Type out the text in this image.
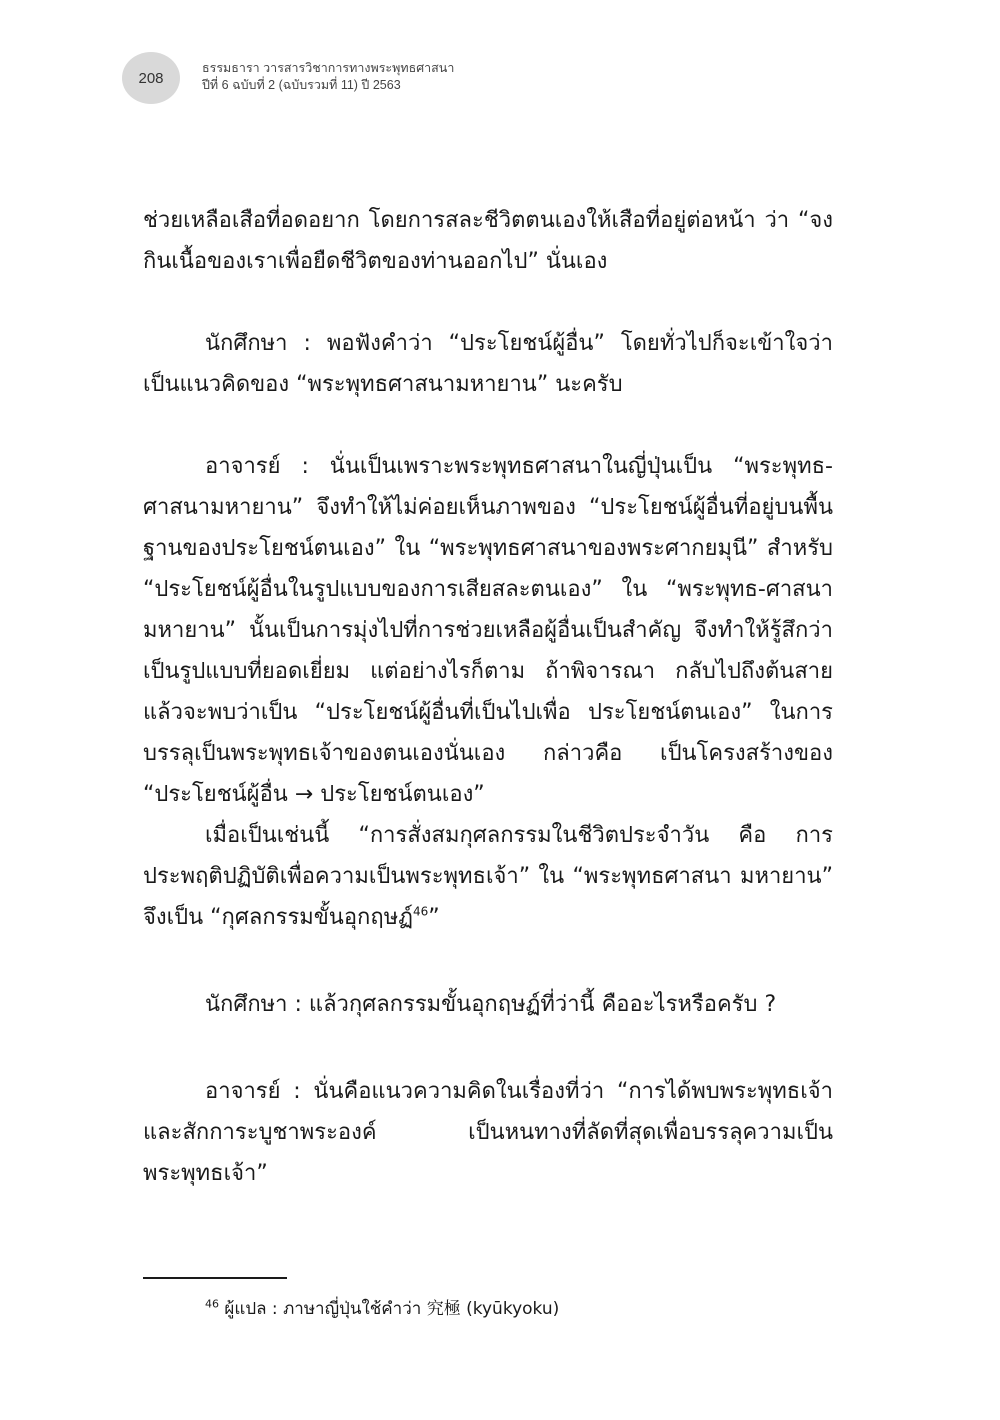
208
ธรรมธารา วารสารวิชาการทางพระพุทธศาสนา
ปีที่ 6 ฉบับที่ 2 (ฉบับรวมที่ 11) ปี 2563

ช่วยเหลือเสือที่อดอยาก โดยการสละชีวิตตนเองให้เสือที่อยู่ต่อหน้า ว่า “จงกินเนื้อของเราเพื่อยืดชีวิตของท่านออกไป” นั่นเอง

นักศึกษา : พอฟังคำว่า “ประโยชน์ผู้อื่น” โดยทั่วไปก็จะเข้าใจว่า เป็นแนวคิดของ “พระพุทธศาสนามหายาน” นะครับ

อาจารย์ : นั่นเป็นเพราะพระพุทธศาสนาในญี่ปุ่นเป็น “พระพุทธ-ศาสนามหายาน” จึงทำให้ไม่ค่อยเห็นภาพของ “ประโยชน์ผู้อื่นที่อยู่บนพื้นฐานของประโยชน์ตนเอง” ใน “พระพุทธศาสนาของพระศากยมุนี” สำหรับ “ประโยชน์ผู้อื่นในรูปแบบของการเสียสละตนเอง” ใน “พระพุทธ-ศาสนามหายาน” นั้นเป็นการมุ่งไปที่การช่วยเหลือผู้อื่นเป็นสำคัญ จึงทำให้รู้สึกว่าเป็นรูปแบบที่ยอดเยี่ยม แต่อย่างไรก็ตาม ถ้าพิจารณา กลับไปถึงต้นสายแล้วจะพบว่าเป็น “ประโยชน์ผู้อื่นที่เป็นไปเพื่อ ประโยชน์ตนเอง” ในการบรรลุเป็นพระพุทธเจ้าของตนเองนั่นเอง กล่าวคือ เป็นโครงสร้างของ “ประโยชน์ผู้อื่น → ประโยชน์ตนเอง”

เมื่อเป็นเช่นนี้ “การสั่งสมกุศลกรรมในชีวิตประจำวัน คือ การประพฤติปฏิบัติเพื่อความเป็นพระพุทธเจ้า” ใน “พระพุทธศาสนา มหายาน” จึงเป็น “กุศลกรรมขั้นอุกฤษฏ์$^{46}$”

นักศึกษา : แล้วกุศลกรรมขั้นอุกฤษฏ์ที่ว่านี้ คืออะไรหรือครับ ?

อาจารย์ : นั่นคือแนวความคิดในเรื่องที่ว่า “การได้พบพระพุทธเจ้าและสักการะบูชาพระองค์ เป็นหนทางที่ลัดที่สุดเพื่อบรรลุความเป็นพระพุทธเจ้า”

$^{46}$ ผู้แปล : ภาษาญี่ปุ่นใช้คำว่า 究極 (kyūkyoku)
